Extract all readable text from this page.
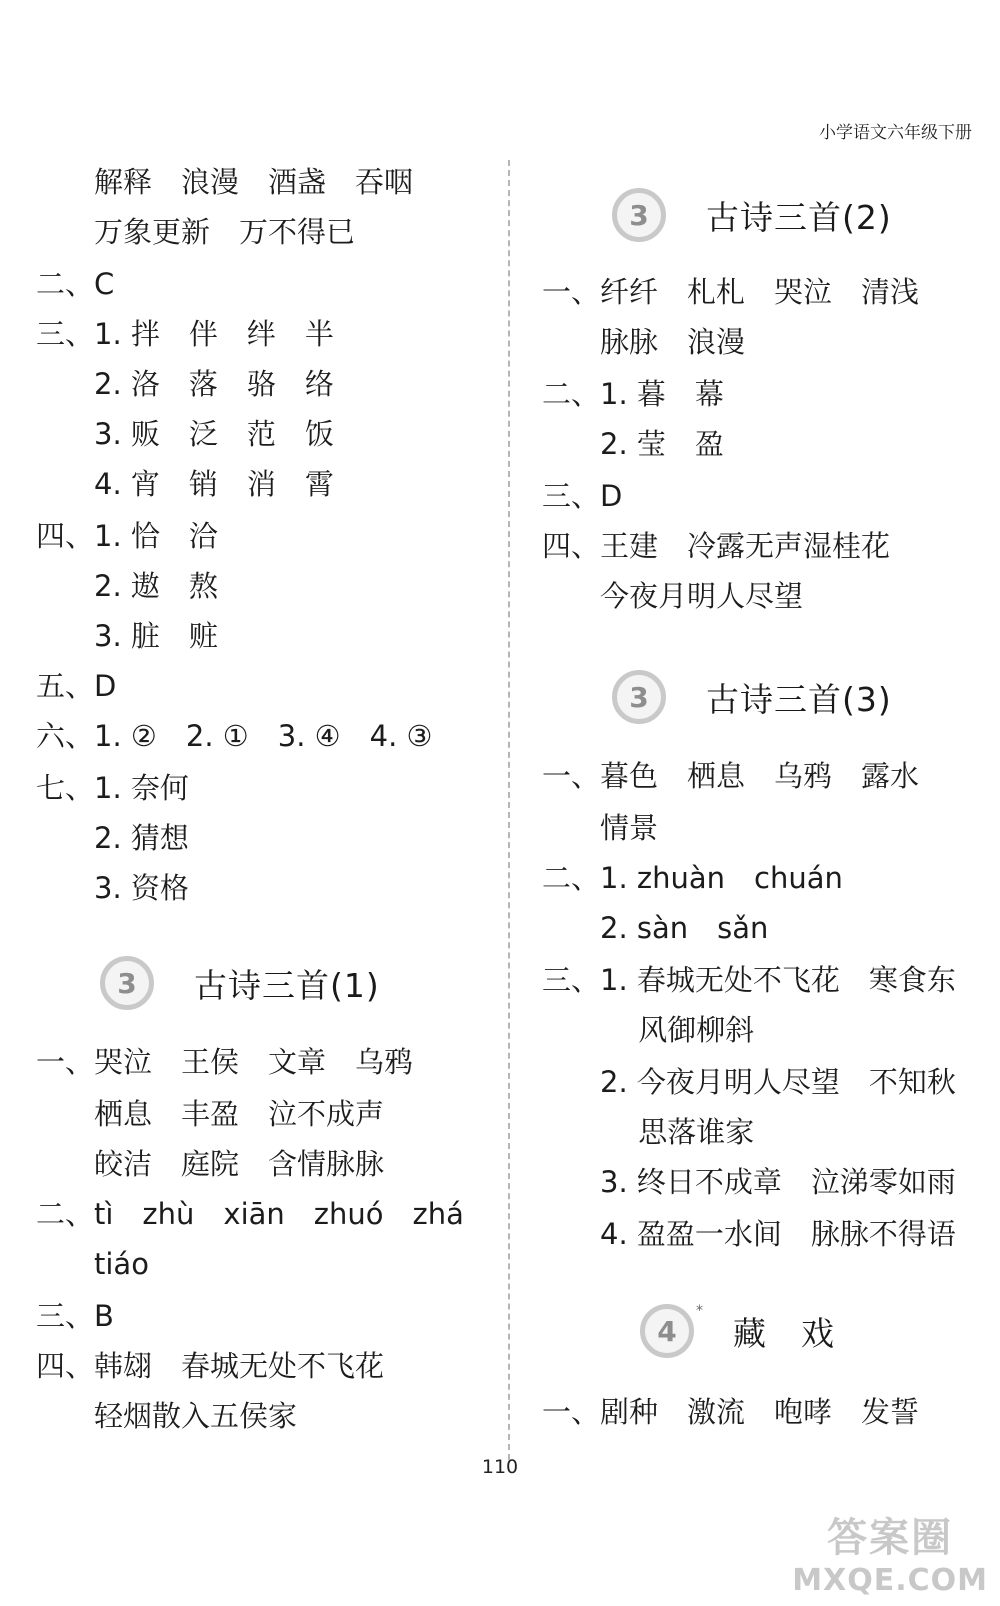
小学语文六年级下册
　　解释　浪漫　酒盏　吞咽
　　万象更新　万不得已
二、C
三、1. 拌　伴　绊　半
　　2. 洛　落　骆　络
　　3. 贩　泛　范　饭
　　4. 宵　销　消　霄
四、1. 恰　洽
　　2. 遨　熬
　　3. 脏　赃
五、D
六、1. ②　2. ①　3. ④　4. ③
七、1. 奈何
　　2. 猜想
　　3. 资格
3	古诗三首(1)
一、哭泣　王侯　文章　乌鸦
　　栖息　丰盈　泣不成声
　　皎洁　庭院　含情脉脉
二、tì　zhù　xiān　zhuó　zhá
　　tiáo
三、B
四、韩翃　春城无处不飞花
　　轻烟散入五侯家
3	古诗三首(2)
一、纤纤　札札　哭泣　清浅
　　脉脉　浪漫
二、1. 暮　幕
　　2. 莹　盈
三、D
四、王建　冷露无声湿桂花
　　今夜月明人尽望
3	古诗三首(3)
一、暮色　栖息　乌鸦　露水
　　情景
二、1. zhuàn　chuán
　　2. sàn　sǎn
三、1. 春城无处不飞花　寒食东
　　　 风御柳斜
　　2. 今夜月明人尽望　不知秋
　　　 思落谁家
　　3. 终日不成章　泣涕零如雨
　　4. 盈盈一水间　脉脉不得语
4
*
藏　戏
一、剧种　激流　咆哮　发誓
110
答案圈
MXQE.COM
